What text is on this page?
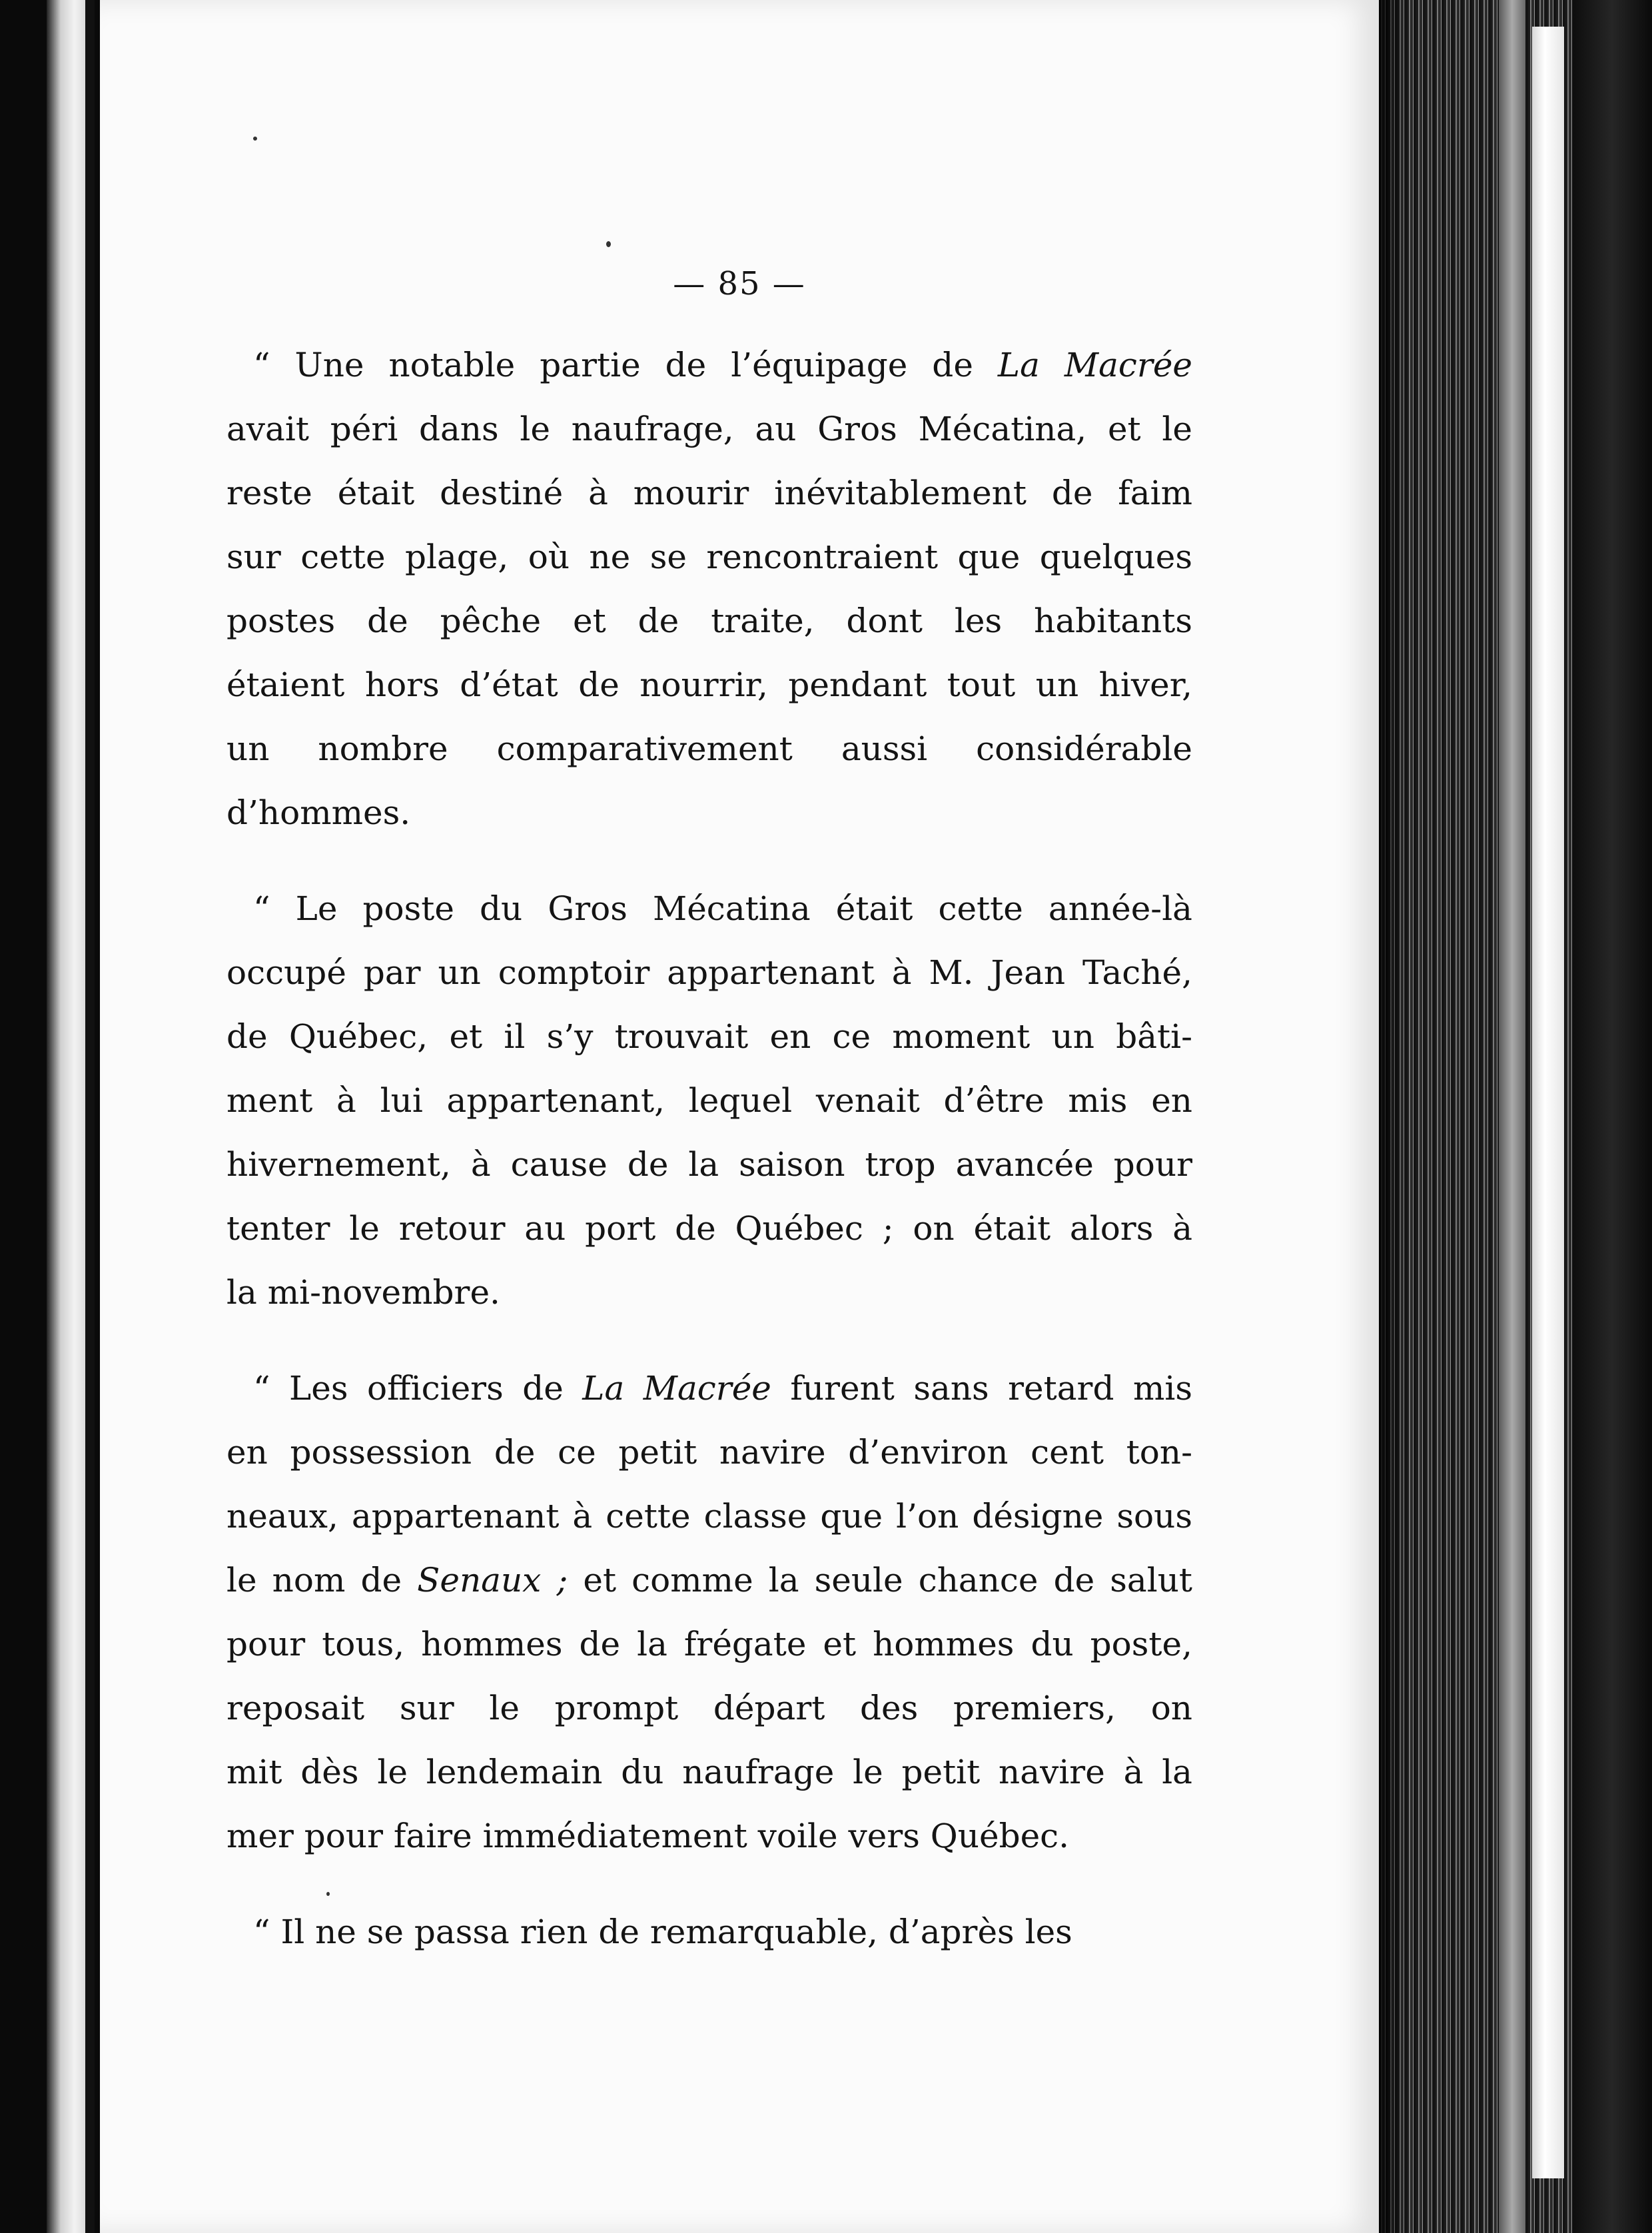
— 85 —
“ Une notable partie de l’équipage de La Macrée
avait péri dans le naufrage, au Gros Mécatina, et le
reste était destiné à mourir inévitablement de faim
sur cette plage, où ne se rencontraient que quelques
postes de pêche et de traite, dont les habitants
étaient hors d’état de nourrir, pendant tout un hiver,
un nombre comparativement aussi considérable
d’hommes.
“ Le poste du Gros Mécatina était cette année-là
occupé par un comptoir appartenant à M. Jean Taché,
de Québec, et il s’y trouvait en ce moment un bâti-
ment à lui appartenant, lequel venait d’être mis en
hivernement, à cause de la saison trop avancée pour
tenter le retour au port de Québec ; on était alors à
la mi-novembre.
“ Les officiers de La Macrée furent sans retard mis
en possession de ce petit navire d’environ cent ton-
neaux, appartenant à cette classe que l’on désigne sous
le nom de Senaux ; et comme la seule chance de salut
pour tous, hommes de la frégate et hommes du poste,
reposait sur le prompt départ des premiers, on
mit dès le lendemain du naufrage le petit navire à la
mer pour faire immédiatement voile vers Québec.
“ Il ne se passa rien de remarquable, d’après les
